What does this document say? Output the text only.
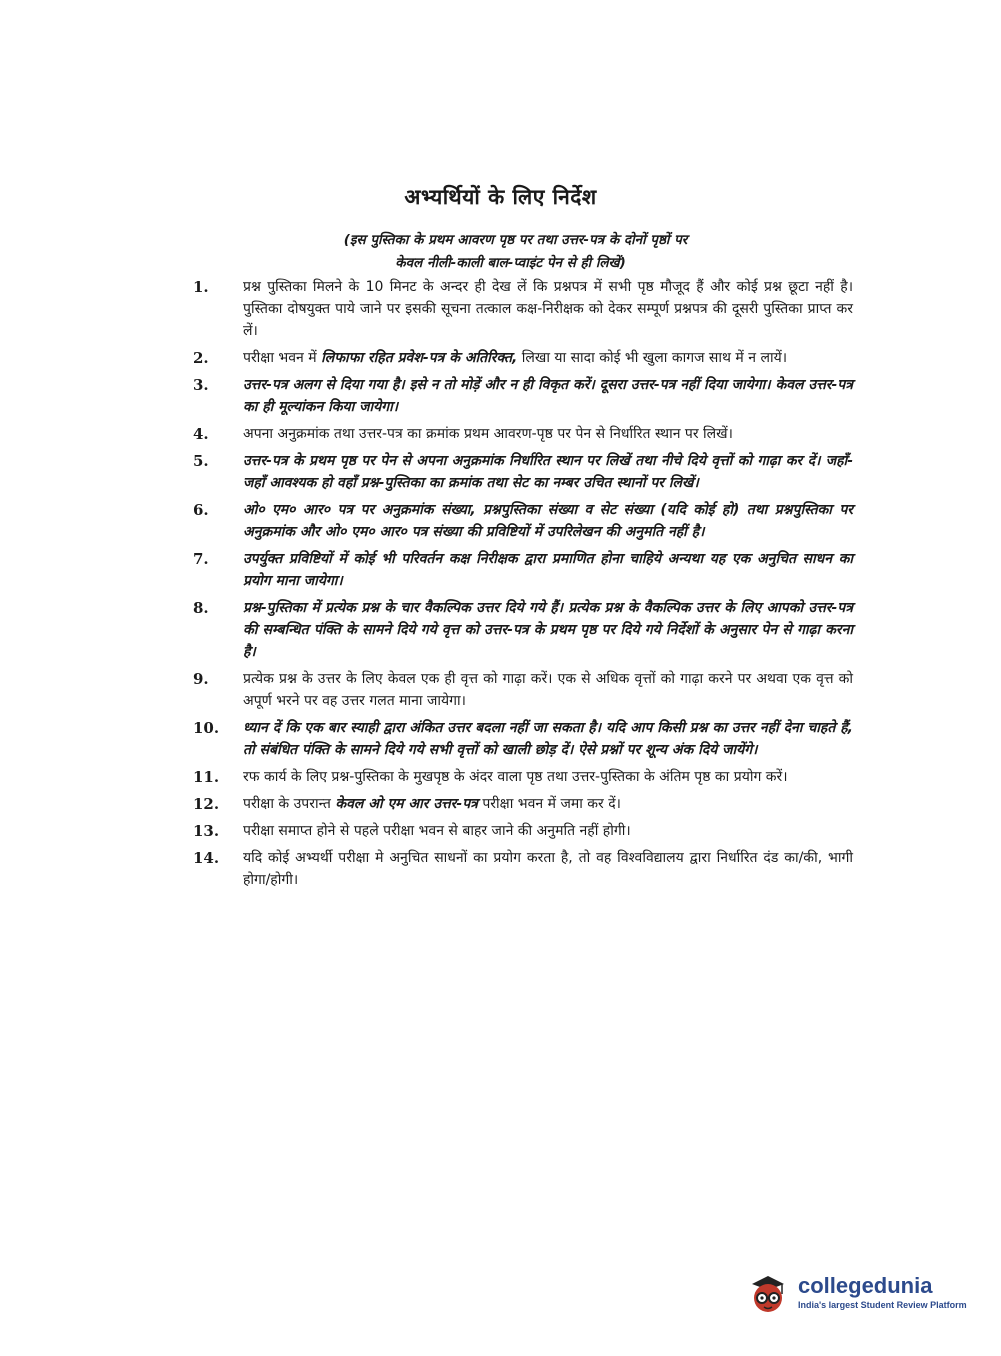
अभ्यर्थियों के लिए निर्देश
(इस पुस्तिका के प्रथम आवरण पृष्ठ पर तथा उत्तर-पत्र के दोनों पृष्ठों पर
केवल नीली-काली बाल-प्वाइंट पेन से ही लिखें)
1.	प्रश्न पुस्तिका मिलने के 10 मिनट के अन्दर ही देख लें कि प्रश्नपत्र में सभी पृष्ठ मौजूद हैं और कोई प्रश्न छूटा नहीं है। पुस्तिका दोषयुक्त पाये जाने पर इसकी सूचना तत्काल कक्ष-निरीक्षक को देकर सम्पूर्ण प्रश्नपत्र की दूसरी पुस्तिका प्राप्त कर लें।
2.	परीक्षा भवन में लिफाफा रहित प्रवेश-पत्र के अतिरिक्त, लिखा या सादा कोई भी खुला कागज साथ में न लायें।
3.	उत्तर-पत्र अलग से दिया गया है। इसे न तो मोड़ें और न ही विकृत करें। दूसरा उत्तर-पत्र नहीं दिया जायेगा। केवल उत्तर-पत्र का ही मूल्यांकन किया जायेगा।
4.	अपना अनुक्रमांक तथा उत्तर-पत्र का क्रमांक प्रथम आवरण-पृष्ठ पर पेन से निर्धारित स्थान पर लिखें।
5.	उत्तर-पत्र के प्रथम पृष्ठ पर पेन से अपना अनुक्रमांक निर्धारित स्थान पर लिखें तथा नीचे दिये वृत्तों को गाढ़ा कर दें। जहाँ-जहाँ आवश्यक हो वहाँ प्रश्न-पुस्तिका का क्रमांक तथा सेट का नम्बर उचित स्थानों पर लिखें।
6.	ओ० एम० आर० पत्र पर अनुक्रमांक संख्या, प्रश्नपुस्तिका संख्या व सेट संख्या (यदि कोई हो) तथा प्रश्नपुस्तिका पर अनुक्रमांक और ओ० एम० आर० पत्र संख्या की प्रविष्टियों में उपरिलेखन की अनुमति नहीं है।
7.	उपर्युक्त प्रविष्टियों में कोई भी परिवर्तन कक्ष निरीक्षक द्वारा प्रमाणित होना चाहिये अन्यथा यह एक अनुचित साधन का प्रयोग माना जायेगा।
8.	प्रश्न-पुस्तिका में प्रत्येक प्रश्न के चार वैकल्पिक उत्तर दिये गये हैं। प्रत्येक प्रश्न के वैकल्पिक उत्तर के लिए आपको उत्तर-पत्र की सम्बन्धित पंक्ति के सामने दिये गये वृत्त को उत्तर-पत्र के प्रथम पृष्ठ पर दिये गये निर्देशों के अनुसार पेन से गाढ़ा करना है।
9.	प्रत्येक प्रश्न के उत्तर के लिए केवल एक ही वृत्त को गाढ़ा करें। एक से अधिक वृत्तों को गाढ़ा करने पर अथवा एक वृत्त को अपूर्ण भरने पर वह उत्तर गलत माना जायेगा।
10.	ध्यान दें कि एक बार स्याही द्वारा अंकित उत्तर बदला नहीं जा सकता है। यदि आप किसी प्रश्न का उत्तर नहीं देना चाहते हैं, तो संबंधित पंक्ति के सामने दिये गये सभी वृत्तों को खाली छोड़ दें। ऐसे प्रश्नों पर शून्य अंक दिये जायेंगे।
11.	रफ कार्य के लिए प्रश्न-पुस्तिका के मुखपृष्ठ के अंदर वाला पृष्ठ तथा उत्तर-पुस्तिका के अंतिम पृष्ठ का प्रयोग करें।
12.	परीक्षा के उपरान्त केवल ओ एम आर उत्तर-पत्र परीक्षा भवन में जमा कर दें।
13.	परीक्षा समाप्त होने से पहले परीक्षा भवन से बाहर जाने की अनुमति नहीं होगी।
14.	यदि कोई अभ्यर्थी परीक्षा मे अनुचित साधनों का प्रयोग करता है, तो वह विश्वविद्यालय द्वारा निर्धारित दंड का/की, भागी होगा/होगी।
collegedunia
India's largest Student Review Platform
